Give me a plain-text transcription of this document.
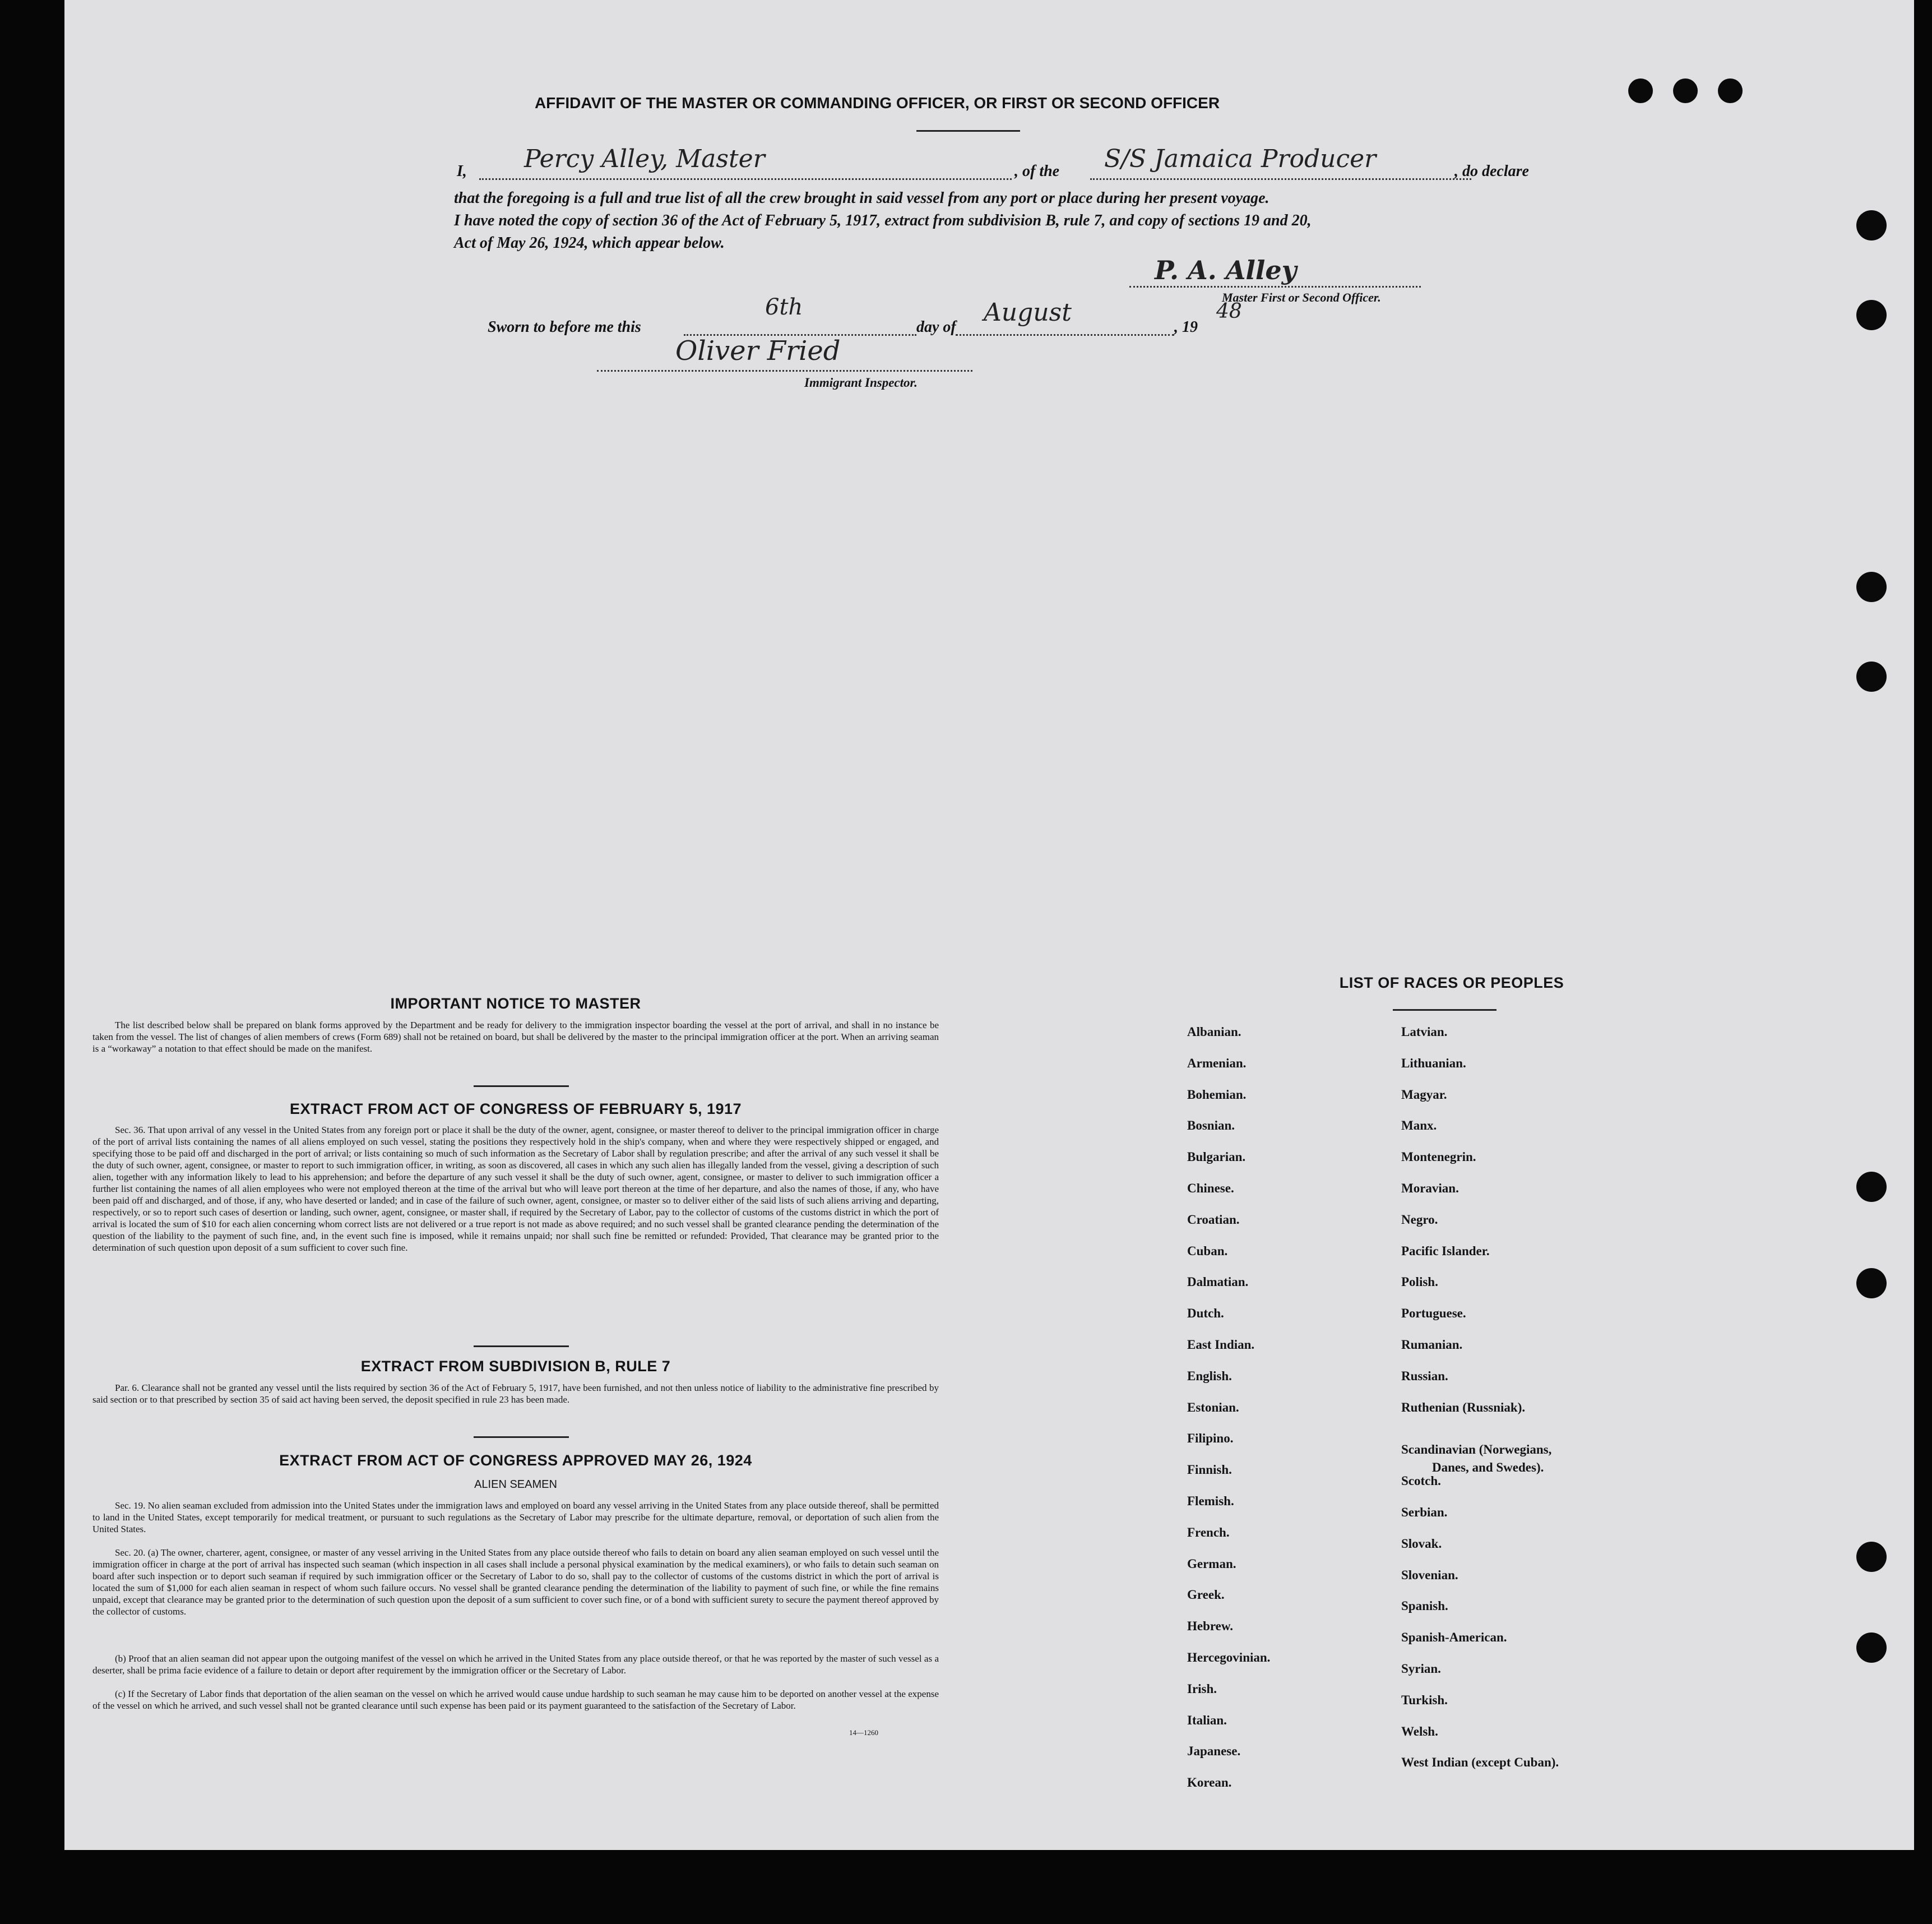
AFFIDAVIT OF THE MASTER OR COMMANDING OFFICER, OR FIRST OR SECOND OFFICER
I,	Percy Alley, Master	, of the S/S Jamaica Producer	, do declare
that the foregoing is a full and true list of all the crew brought in said vessel from any port or place during her present voyage.
I have noted the copy of section 36 of the Act of February 5, 1917, extract from subdivision B, rule 7, and copy of sections 19 and 20,
Act of May 26, 1924, which appear below.
P. A. Alley
Master First or Second Officer.
Sworn to before me this
6th
day of
August
, 19
48
Oliver Fried
Immigrant Inspector.
IMPORTANT NOTICE TO MASTER
The list described below shall be prepared on blank forms approved by the Department and be ready for delivery to the immigration inspector boarding the vessel at the port of arrival, and shall in no instance be taken from the vessel. The list of changes of alien members of crews (Form 689) shall not be retained on board, but shall be delivered by the master to the principal immigration officer at the port. When an arriving seaman is a “workaway” a notation to that effect should be made on the manifest.
EXTRACT FROM ACT OF CONGRESS OF FEBRUARY 5, 1917
Sec. 36. That upon arrival of any vessel in the United States from any foreign port or place it shall be the duty of the owner, agent, consignee, or master thereof to deliver to the principal immigration officer in charge of the port of arrival lists containing the names of all aliens employed on such vessel, stating the positions they respectively hold in the ship's company, when and where they were respectively shipped or engaged, and specifying those to be paid off and discharged in the port of arrival; or lists containing so much of such information as the Secretary of Labor shall by regulation prescribe; and after the arrival of any such vessel it shall be the duty of such owner, agent, consignee, or master to report to such immigration officer, in writing, as soon as discovered, all cases in which any such alien has illegally landed from the vessel, giving a description of such alien, together with any information likely to lead to his apprehension; and before the departure of any such vessel it shall be the duty of such owner, agent, consignee, or master to deliver to such immigration officer a further list containing the names of all alien employees who were not employed thereon at the time of the arrival but who will leave port thereon at the time of her departure, and also the names of those, if any, who have been paid off and discharged, and of those, if any, who have deserted or landed; and in case of the failure of such owner, agent, consignee, or master so to deliver either of the said lists of such aliens arriving and departing, respectively, or so to report such cases of desertion or landing, such owner, agent, consignee, or master shall, if required by the Secretary of Labor, pay to the collector of customs of the customs district in which the port of arrival is located the sum of $10 for each alien concerning whom correct lists are not delivered or a true report is not made as above required; and no such vessel shall be granted clearance pending the determination of the question of the liability to the payment of such fine, and, in the event such fine is imposed, while it remains unpaid; nor shall such fine be remitted or refunded: Provided, That clearance may be granted prior to the determination of such question upon deposit of a sum sufficient to cover such fine.
EXTRACT FROM SUBDIVISION B, RULE 7
Par. 6. Clearance shall not be granted any vessel until the lists required by section 36 of the Act of February 5, 1917, have been furnished, and not then unless notice of liability to the administrative fine prescribed by said section or to that prescribed by section 35 of said act having been served, the deposit specified in rule 23 has been made.
EXTRACT FROM ACT OF CONGRESS APPROVED MAY 26, 1924
ALIEN SEAMEN
Sec. 19. No alien seaman excluded from admission into the United States under the immigration laws and employed on board any vessel arriving in the United States from any place outside thereof, shall be permitted to land in the United States, except temporarily for medical treatment, or pursuant to such regulations as the Secretary of Labor may prescribe for the ultimate departure, removal, or deportation of such alien from the United States.
Sec. 20. (a) The owner, charterer, agent, consignee, or master of any vessel arriving in the United States from any place outside thereof who fails to detain on board any alien seaman employed on such vessel until the immigration officer in charge at the port of arrival has inspected such seaman (which inspection in all cases shall include a personal physical examination by the medical examiners), or who fails to detain such seaman on board after such inspection or to deport such seaman if required by such immigration officer or the Secretary of Labor to do so, shall pay to the collector of customs of the customs district in which the port of arrival is located the sum of $1,000 for each alien seaman in respect of whom such failure occurs. No vessel shall be granted clearance pending the determination of the liability to payment of such fine, or while the fine remains unpaid, except that clearance may be granted prior to the determination of such question upon the deposit of a sum sufficient to cover such fine, or of a bond with sufficient surety to secure the payment thereof approved by the collector of customs.
(b) Proof that an alien seaman did not appear upon the outgoing manifest of the vessel on which he arrived in the United States from any place outside thereof, or that he was reported by the master of such vessel as a deserter, shall be prima facie evidence of a failure to detain or deport after requirement by the immigration officer or the Secretary of Labor.
(c) If the Secretary of Labor finds that deportation of the alien seaman on the vessel on which he arrived would cause undue hardship to such seaman he may cause him to be deported on another vessel at the expense of the vessel on which he arrived, and such vessel shall not be granted clearance until such expense has been paid or its payment guaranteed to the satisfaction of the Secretary of Labor.
14—1260
LIST OF RACES OR PEOPLES
Albanian.
Armenian.
Bohemian.
Bosnian.
Bulgarian.
Chinese.
Croatian.
Cuban.
Dalmatian.
Dutch.
East Indian.
English.
Estonian.
Filipino.
Finnish.
Flemish.
French.
German.
Greek.
Hebrew.
Hercegovinian.
Irish.
Italian.
Japanese.
Korean.
Latvian.
Lithuanian.
Magyar.
Manx.
Montenegrin.
Moravian.
Negro.
Pacific Islander.
Polish.
Portuguese.
Rumanian.
Russian.
Ruthenian (Russniak).
Scandinavian (Norwegians,
Danes, and Swedes).
Scotch.
Serbian.
Slovak.
Slovenian.
Spanish.
Spanish-American.
Syrian.
Turkish.
Welsh.
West Indian (except Cuban).
